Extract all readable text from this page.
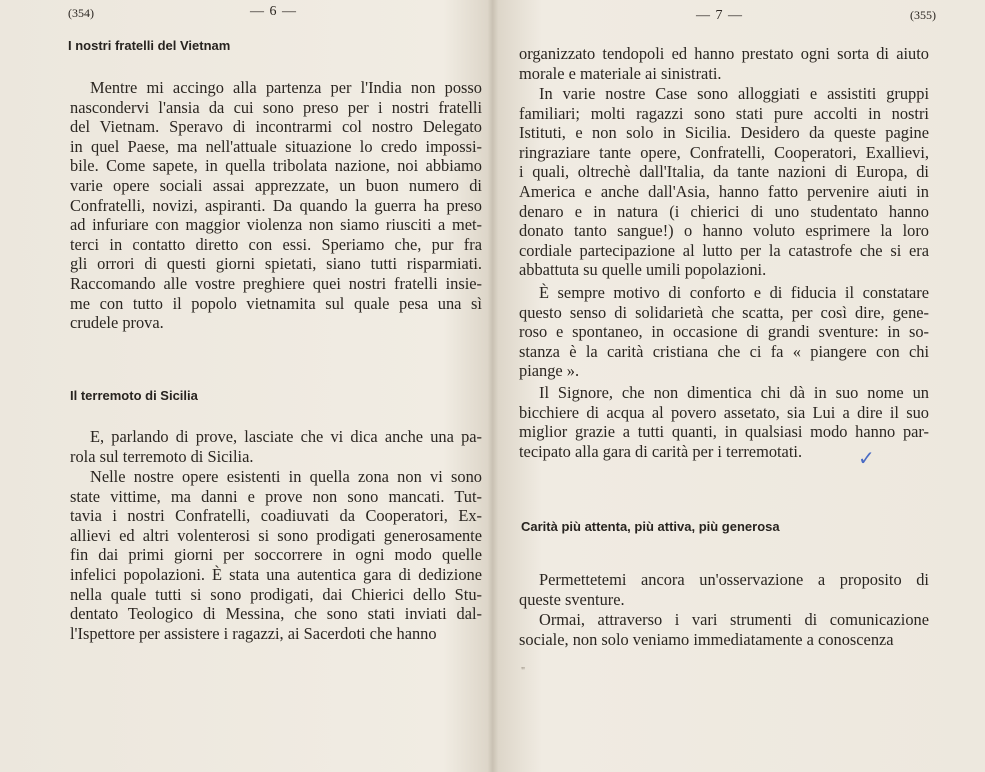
(354)	— 6 —
I nostri fratelli del Vietnam
Mentre mi accingo alla partenza per l'India non posso
nascondervi l'ansia da cui sono preso per i nostri fratelli
del Vietnam. Speravo di incontrarmi col nostro Delegato
in quel Paese, ma nell'attuale situazione lo credo impossi-
bile. Come sapete, in quella tribolata nazione, noi abbiamo
varie opere sociali assai apprezzate, un buon numero di
Confratelli, novizi, aspiranti. Da quando la guerra ha preso
ad infuriare con maggior violenza non siamo riusciti a met-
terci in contatto diretto con essi. Speriamo che, pur fra
gli orrori di questi giorni spietati, siano tutti risparmiati.
Raccomando alle vostre preghiere quei nostri fratelli insie-
me con tutto il popolo vietnamita sul quale pesa una sì
crudele prova.
Il terremoto di Sicilia
E, parlando di prove, lasciate che vi dica anche una pa-
rola sul terremoto di Sicilia.
Nelle nostre opere esistenti in quella zona non vi sono
state vittime, ma danni e prove non sono mancati. Tut-
tavia i nostri Confratelli, coadiuvati da Cooperatori, Ex-
allievi ed altri volenterosi si sono prodigati generosamente
fin dai primi giorni per soccorrere in ogni modo quelle
infelici popolazioni. È stata una autentica gara di dedizione
nella quale tutti si sono prodigati, dai Chierici dello Stu-
dentato Teologico di Messina, che sono stati inviati dal-
l'Ispettore per assistere i ragazzi, ai Sacerdoti che hanno
— 7 —	(355)
organizzato tendopoli ed hanno prestato ogni sorta di aiuto
morale e materiale ai sinistrati.
In varie nostre Case sono alloggiati e assistiti gruppi
familiari; molti ragazzi sono stati pure accolti in nostri
Istituti, e non solo in Sicilia. Desidero da queste pagine
ringraziare tante opere, Confratelli, Cooperatori, Exallievi,
i quali, oltrechè dall'Italia, da tante nazioni di Europa, di
America e anche dall'Asia, hanno fatto pervenire aiuti in
denaro e in natura (i chierici di uno studentato hanno
donato tanto sangue!) o hanno voluto esprimere la loro
cordiale partecipazione al lutto per la catastrofe che si era
abbattuta su quelle umili popolazioni.
È sempre motivo di conforto e di fiducia il constatare
questo senso di solidarietà che scatta, per così dire, gene-
roso e spontaneo, in occasione di grandi sventure: in so-
stanza è la carità cristiana che ci fa « piangere con chi
piange ».
Il Signore, che non dimentica chi dà in suo nome un
bicchiere di acqua al povero assetato, sia Lui a dire il suo
miglior grazie a tutti quanti, in qualsiasi modo hanno par-
tecipato alla gara di carità per i terremotati.
Carità più attenta, più attiva, più generosa
Permettetemi ancora un'osservazione a proposito di
queste sventure.
Ormai, attraverso i vari strumenti di comunicazione
sociale, non solo veniamo immediatamente a conoscenza
"
✓
